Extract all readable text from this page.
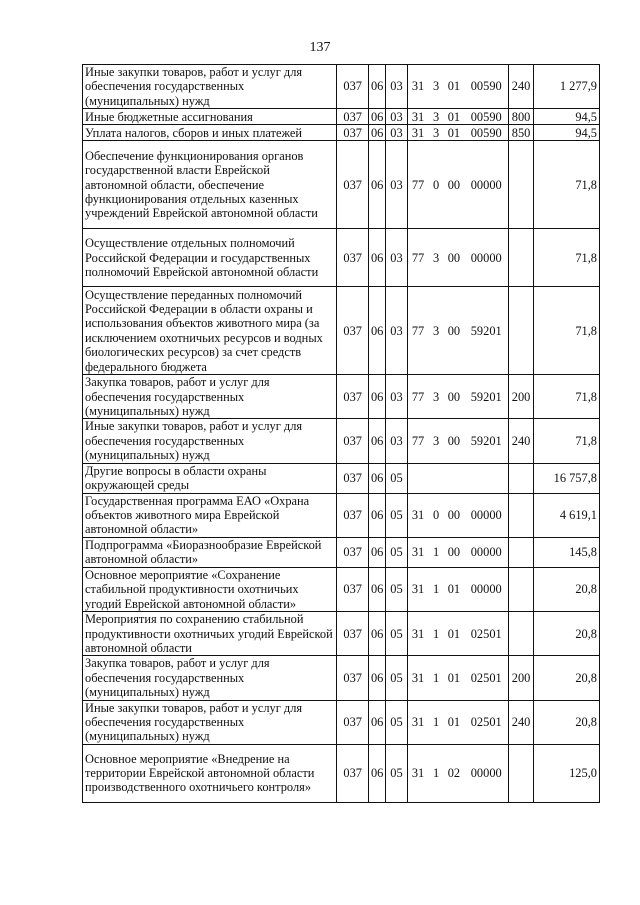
137
Иные закупки товаров, работ и услуг для обеспечения государственных (муниципальных) нужд	037	06	03	31	3	01	00590	240	1 277,9
Иные бюджетные ассигнования	037	06	03	31	3	01	00590	800	94,5
Уплата налогов, сборов и иных платежей	037	06	03	31	3	01	00590	850	94,5
Обеспечение функционирования органов государственной власти Еврейской автономной области, обеспечение функционирования отдельных казенных учреждений Еврейской автономной области	037	06	03	77	0	00	00000		71,8
Осуществление отдельных полномочий Российской Федерации и государственных полномочий Еврейской автономной области	037	06	03	77	3	00	00000		71,8
Осуществление переданных полномочий Российской Федерации в области охраны и использования объектов животного мира (за исключением охотничьих ресурсов и водных биологических ресурсов) за счет средств федерального бюджета	037	06	03	77	3	00	59201		71,8
Закупка товаров, работ и услуг для обеспечения государственных (муниципальных) нужд	037	06	03	77	3	00	59201	200	71,8
Иные закупки товаров, работ и услуг для обеспечения государственных (муниципальных) нужд	037	06	03	77	3	00	59201	240	71,8
Другие вопросы в области охраны окружающей среды	037	06	05						16 757,8
Государственная программа ЕАО «Охрана объектов животного мира Еврейской автономной области»	037	06	05	31	0	00	00000		4 619,1
Подпрограмма «Биоразнообразие Еврейской автономной области»	037	06	05	31	1	00	00000		145,8
Основное мероприятие «Сохранение стабильной продуктивности охотничьих угодий Еврейской автономной области»	037	06	05	31	1	01	00000		20,8
Мероприятия по сохранению стабильной продуктивности охотничьих угодий Еврейской автономной области	037	06	05	31	1	01	02501		20,8
Закупка товаров, работ и услуг для обеспечения государственных (муниципальных) нужд	037	06	05	31	1	01	02501	200	20,8
Иные закупки товаров, работ и услуг для обеспечения государственных (муниципальных) нужд	037	06	05	31	1	01	02501	240	20,8
Основное мероприятие «Внедрение на территории Еврейской автономной области производственного охотничьего контроля»	037	06	05	31	1	02	00000		125,0
